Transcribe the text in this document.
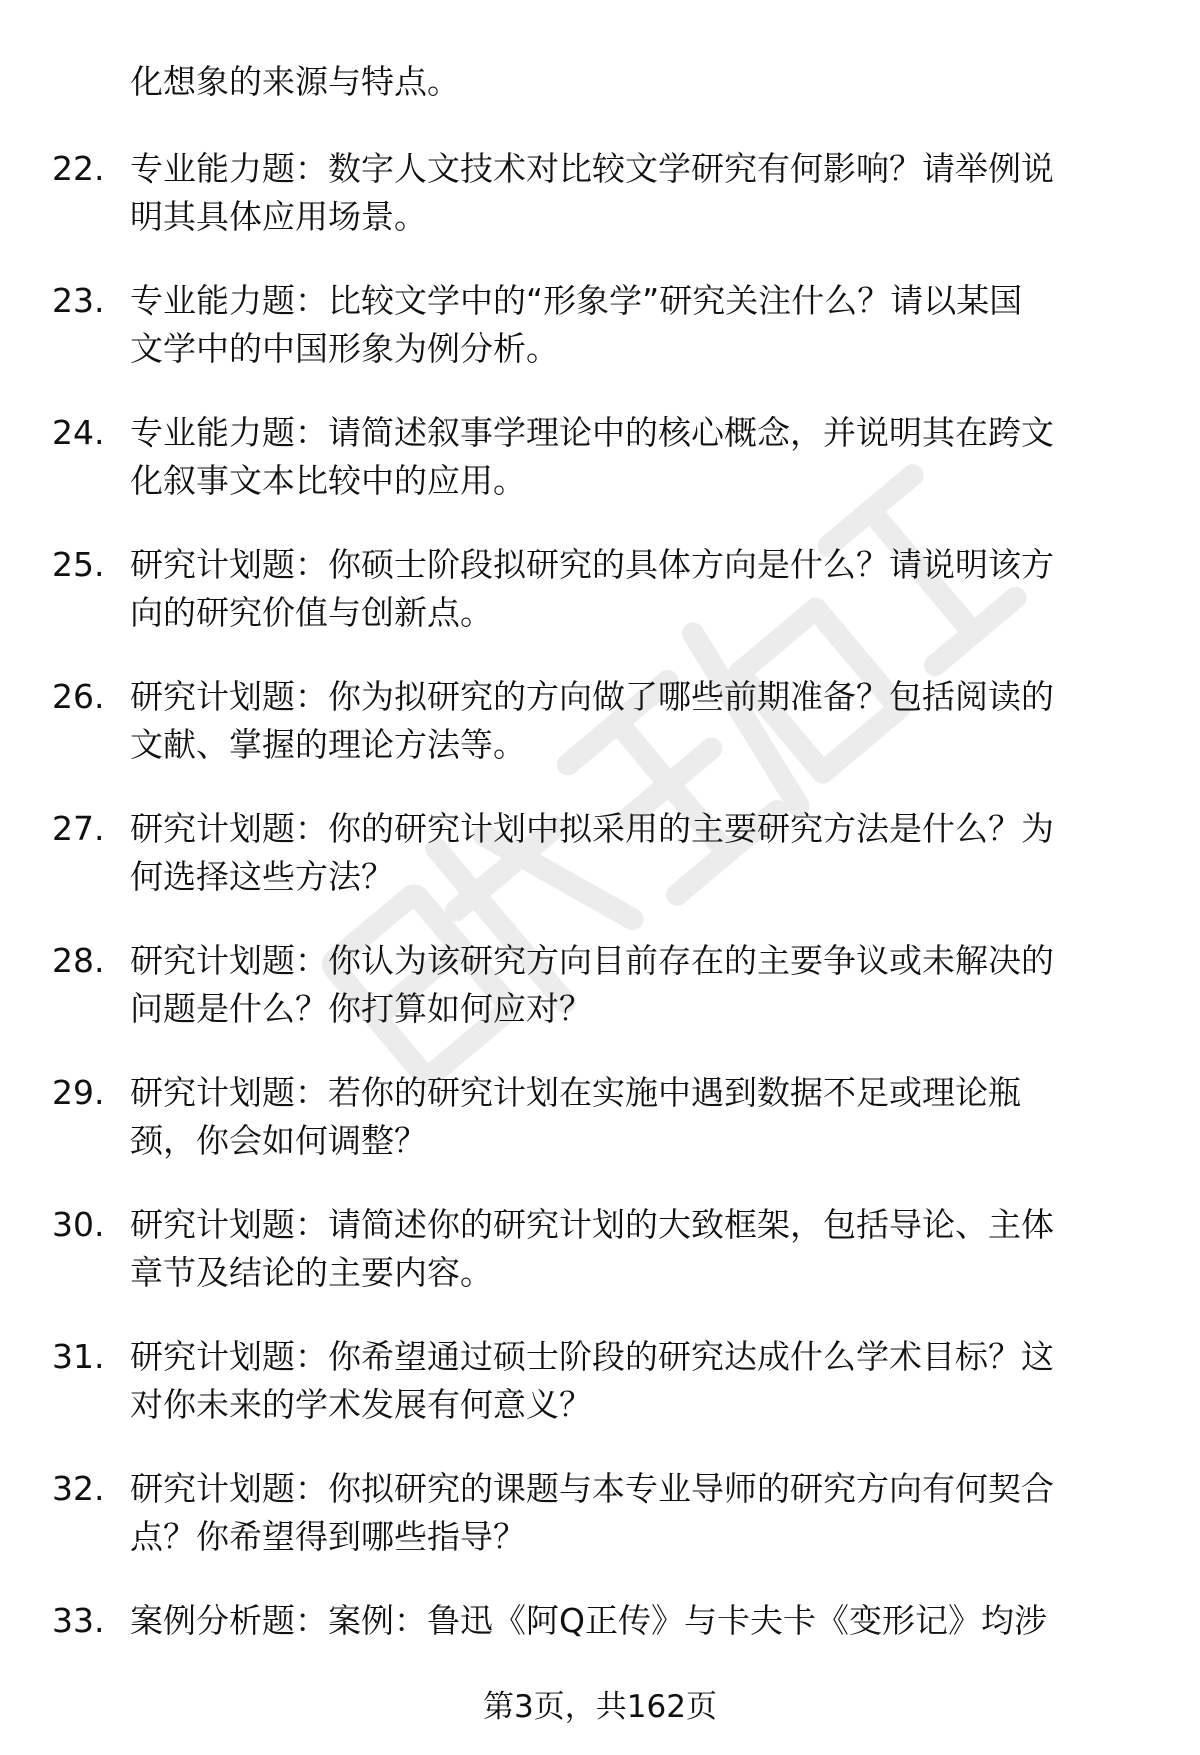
化想象的来源与特点。
22. 专业能力题：数字人文技术对比较文学研究有何影响？请举例说
明其具体应用场景。
23. 专业能力题：比较文学中的“形象学”研究关注什么？请以某国
文学中的中国形象为例分析。
24. 专业能力题：请简述叙事学理论中的核心概念，并说明其在跨文
化叙事文本比较中的应用。
25. 研究计划题：你硕士阶段拟研究的具体方向是什么？请说明该方
向的研究价值与创新点。
26. 研究计划题：你为拟研究的方向做了哪些前期准备？包括阅读的
文献、掌握的理论方法等。
27. 研究计划题：你的研究计划中拟采用的主要研究方法是什么？为
何选择这些方法？
28. 研究计划题：你认为该研究方向目前存在的主要争议或未解决的
问题是什么？你打算如何应对？
29. 研究计划题：若你的研究计划在实施中遇到数据不足或理论瓶
颈，你会如何调整？
30. 研究计划题：请简述你的研究计划的大致框架，包括导论、主体
章节及结论的主要内容。
31. 研究计划题：你希望通过硕士阶段的研究达成什么学术目标？这
对你未来的学术发展有何意义？
32. 研究计划题：你拟研究的课题与本专业导师的研究方向有何契合
点？你希望得到哪些指导？
33. 案例分析题：案例：鲁迅《阿Q正传》与卡夫卡《变形记》均涉
第3页，共162页
